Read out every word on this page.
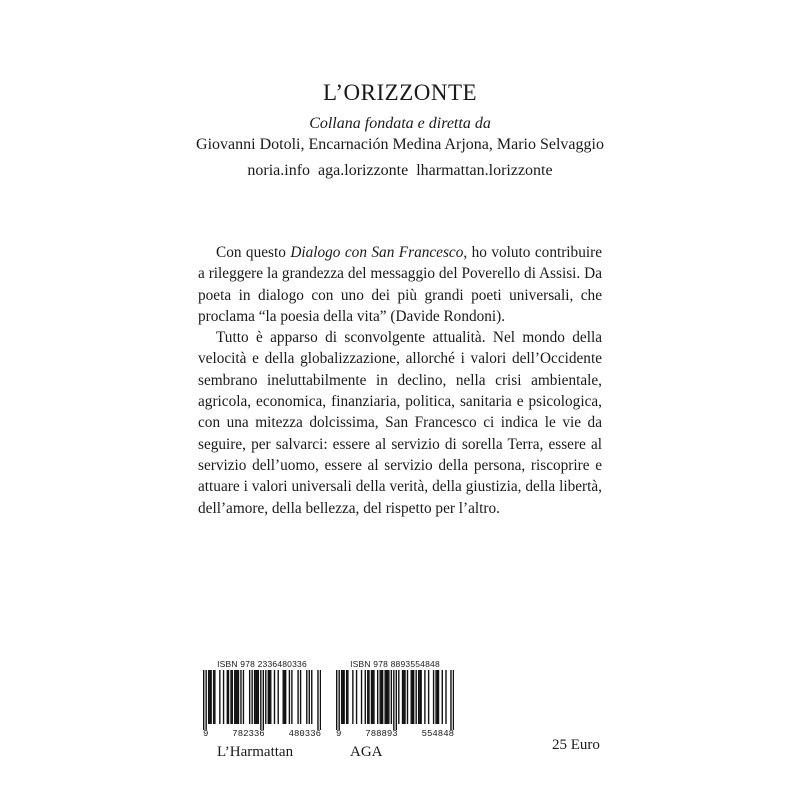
L’ORIZZONTE
Collana fondata e diretta da
Giovanni Dotoli, Encarnación Medina Arjona, Mario Selvaggio
noria.info aga.lorizzonte lharmattan.lorizzonte

Con questo Dialogo con San Francesco, ho voluto contribuire a rileggere la grandezza del messaggio del Poverello di Assisi. Da poeta in dialogo con uno dei più grandi poeti universali, che proclama “la poesia della vita” (Davide Rondoni).

Tutto è apparso di sconvolgente attualità. Nel mondo della velocità e della globalizzazione, allorché i valori dell’Occidente sembrano ineluttabilmente in declino, nella crisi ambientale, agricola, economica, finanziaria, politica, sanitaria e psicologica, con una mitezza dolcissima, San Francesco ci indica le vie da seguire, per salvarci: essere al servizio di sorella Terra, essere al servizio dell’uomo, essere al servizio della persona, riscoprire e attuare i valori universali della verità, della giustizia, della libertà, dell’amore, della bellezza, del rispetto per l’altro.

ISBN 978 2336480336
9	782336	480336
L’Harmattan
ISBN 978 8893554848
9	788893	554848
AGA	25 Euro
